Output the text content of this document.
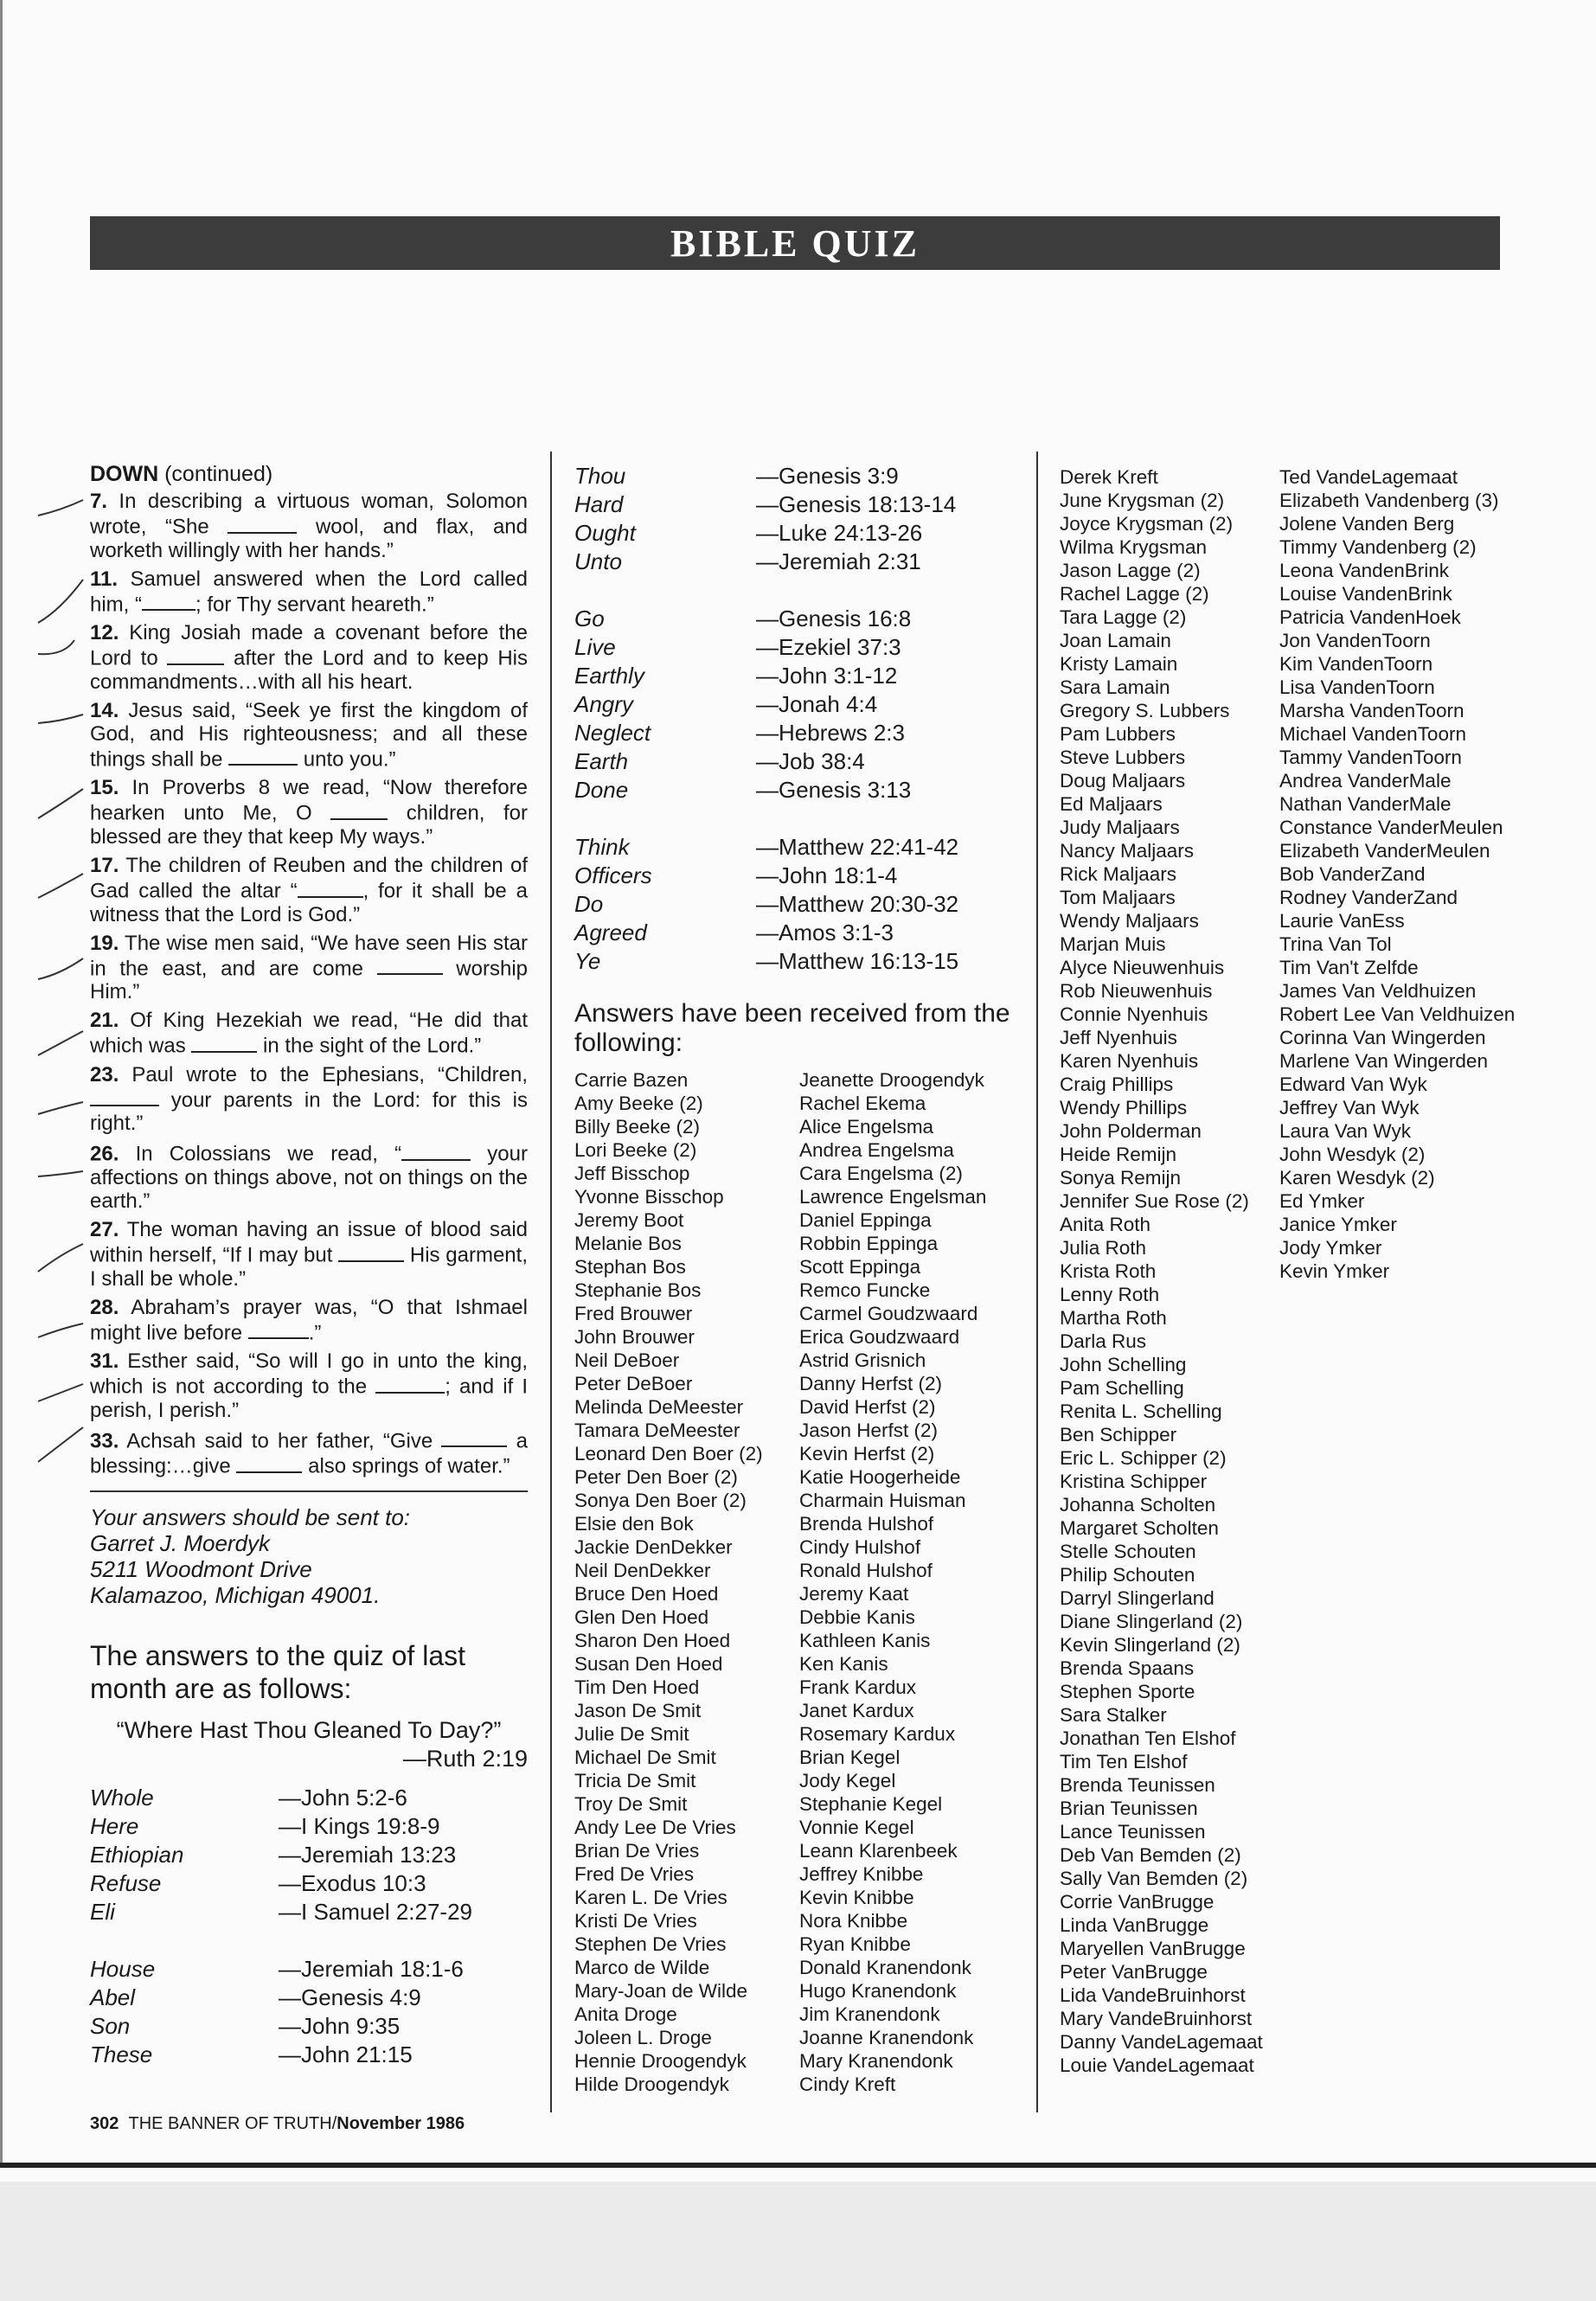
BIBLE QUIZ
DOWN (continued)

7. In describing a virtuous woman, Solomon wrote, “She	wool, and flax, and worketh willingly with her hands.”

11. Samuel answered when the Lord called him, “	; for Thy servant heareth.”

12. King Josiah made a covenant before the Lord to	after the Lord and to keep His commandments…with all his heart.

14. Jesus said, “Seek ye first the kingdom of God, and His righteousness; and all these things shall be	unto you.”

15. In Proverbs 8 we read, “Now therefore hearken unto Me, O	children, for blessed are they that keep My ways.”

17. The children of Reuben and the children of Gad called the altar “	, for it shall be a witness that the Lord is God.”

19. The wise men said, “We have seen His star in the east, and are come	worship Him.”

21. Of King Hezekiah we read, “He did that which was	in the sight of the Lord.”

23. Paul wrote to the Ephesians, “Children,  your parents in the Lord: for this is right.”

26. In Colossians we read, “	your affections on things above, not on things on the earth.”

27. The woman having an issue of blood said within herself, “If I may but	His garment, I shall be whole.”

28. Abraham’s prayer was, “O that Ishmael might live before	.”

31. Esther said, “So will I go in unto the king, which is not according to the	; and if I perish, I perish.”

33. Achsah said to her father, “Give	a blessing:…give	also springs of water.”

Your answers should be sent to:
Garret J. Moerdyk
5211 Woodmont Drive
Kalamazoo, Michigan 49001.
The answers to the quiz of last month are as follows:
“Where Hast Thou Gleaned To Day?”
—Ruth 2:19
Whole	—John 5:2-6
Here	—I Kings 19:8-9
Ethiopian	—Jeremiah 13:23
Refuse	—Exodus 10:3
Eli	—I Samuel 2:27-29

House	—Jeremiah 18:1-6
Abel	—Genesis 4:9
Son	—John 9:35
These	—John 21:15
Thou	—Genesis 3:9
Hard	—Genesis 18:13-14
Ought	—Luke 24:13-26
Unto	—Jeremiah 2:31

Go	—Genesis 16:8
Live	—Ezekiel 37:3
Earthly	—John 3:1-12
Angry	—Jonah 4:4
Neglect	—Hebrews 2:3
Earth	—Job 38:4
Done	—Genesis 3:13

Think	—Matthew 22:41-42
Officers	—John 18:1-4
Do	—Matthew 20:30-32
Agreed	—Amos 3:1-3
Ye	—Matthew 16:13-15
Answers have been received from the following:
Carrie Bazen
Amy Beeke (2)
Billy Beeke (2)
Lori Beeke (2)
Jeff Bisschop
Yvonne Bisschop
Jeremy Boot
Melanie Bos
Stephan Bos
Stephanie Bos
Fred Brouwer
John Brouwer
Neil DeBoer
Peter DeBoer
Melinda DeMeester
Tamara DeMeester
Leonard Den Boer (2)
Peter Den Boer (2)
Sonya Den Boer (2)
Elsie den Bok
Jackie DenDekker
Neil DenDekker
Bruce Den Hoed
Glen Den Hoed
Sharon Den Hoed
Susan Den Hoed
Tim Den Hoed
Jason De Smit
Julie De Smit
Michael De Smit
Tricia De Smit
Troy De Smit
Andy Lee De Vries
Brian De Vries
Fred De Vries
Karen L. De Vries
Kristi De Vries
Stephen De Vries
Marco de Wilde
Mary-Joan de Wilde
Anita Droge
Joleen L. Droge
Hennie Droogendyk
Hilde Droogendyk
Jeanette Droogendyk
Rachel Ekema
Alice Engelsma
Andrea Engelsma
Cara Engelsma (2)
Lawrence Engelsman
Daniel Eppinga
Robbin Eppinga
Scott Eppinga
Remco Funcke
Carmel Goudzwaard
Erica Goudzwaard
Astrid Grisnich
Danny Herfst (2)
David Herfst (2)
Jason Herfst (2)
Kevin Herfst (2)
Katie Hoogerheide
Charmain Huisman
Brenda Hulshof
Cindy Hulshof
Ronald Hulshof
Jeremy Kaat
Debbie Kanis
Kathleen Kanis
Ken Kanis
Frank Kardux
Janet Kardux
Rosemary Kardux
Brian Kegel
Jody Kegel
Stephanie Kegel
Vonnie Kegel
Leann Klarenbeek
Jeffrey Knibbe
Kevin Knibbe
Nora Knibbe
Ryan Knibbe
Donald Kranendonk
Hugo Kranendonk
Jim Kranendonk
Joanne Kranendonk
Mary Kranendonk
Cindy Kreft
Derek Kreft
June Krygsman (2)
Joyce Krygsman (2)
Wilma Krygsman
Jason Lagge (2)
Rachel Lagge (2)
Tara Lagge (2)
Joan Lamain
Kristy Lamain
Sara Lamain
Gregory S. Lubbers
Pam Lubbers
Steve Lubbers
Doug Maljaars
Ed Maljaars
Judy Maljaars
Nancy Maljaars
Rick Maljaars
Tom Maljaars
Wendy Maljaars
Marjan Muis
Alyce Nieuwenhuis
Rob Nieuwenhuis
Connie Nyenhuis
Jeff Nyenhuis
Karen Nyenhuis
Craig Phillips
Wendy Phillips
John Polderman
Heide Remijn
Sonya Remijn
Jennifer Sue Rose (2)
Anita Roth
Julia Roth
Krista Roth
Lenny Roth
Martha Roth
Darla Rus
John Schelling
Pam Schelling
Renita L. Schelling
Ben Schipper
Eric L. Schipper (2)
Kristina Schipper
Johanna Scholten
Margaret Scholten
Stelle Schouten
Philip Schouten
Darryl Slingerland
Diane Slingerland (2)
Kevin Slingerland (2)
Brenda Spaans
Stephen Sporte
Sara Stalker
Jonathan Ten Elshof
Tim Ten Elshof
Brenda Teunissen
Brian Teunissen
Lance Teunissen
Deb Van Bemden (2)
Sally Van Bemden (2)
Corrie VanBrugge
Linda VanBrugge
Maryellen VanBrugge
Peter VanBrugge
Lida VandeBruinhorst
Mary VandeBruinhorst
Danny VandeLagemaat
Louie VandeLagemaat
Ted VandeLagemaat
Elizabeth Vandenberg (3)
Jolene Vanden Berg
Timmy Vandenberg (2)
Leona VandenBrink
Louise VandenBrink
Patricia VandenHoek
Jon VandenToorn
Kim VandenToorn
Lisa VandenToorn
Marsha VandenToorn
Michael VandenToorn
Tammy VandenToorn
Andrea VanderMale
Nathan VanderMale
Constance VanderMeulen
Elizabeth VanderMeulen
Bob VanderZand
Rodney VanderZand
Laurie VanEss
Trina Van Tol
Tim Van't Zelfde
James Van Veldhuizen
Robert Lee Van Veldhuizen
Corinna Van Wingerden
Marlene Van Wingerden
Edward Van Wyk
Jeffrey Van Wyk
Laura Van Wyk
John Wesdyk (2)
Karen Wesdyk (2)
Ed Ymker
Janice Ymker
Jody Ymker
Kevin Ymker
302 THE BANNER OF TRUTH/November 1986
